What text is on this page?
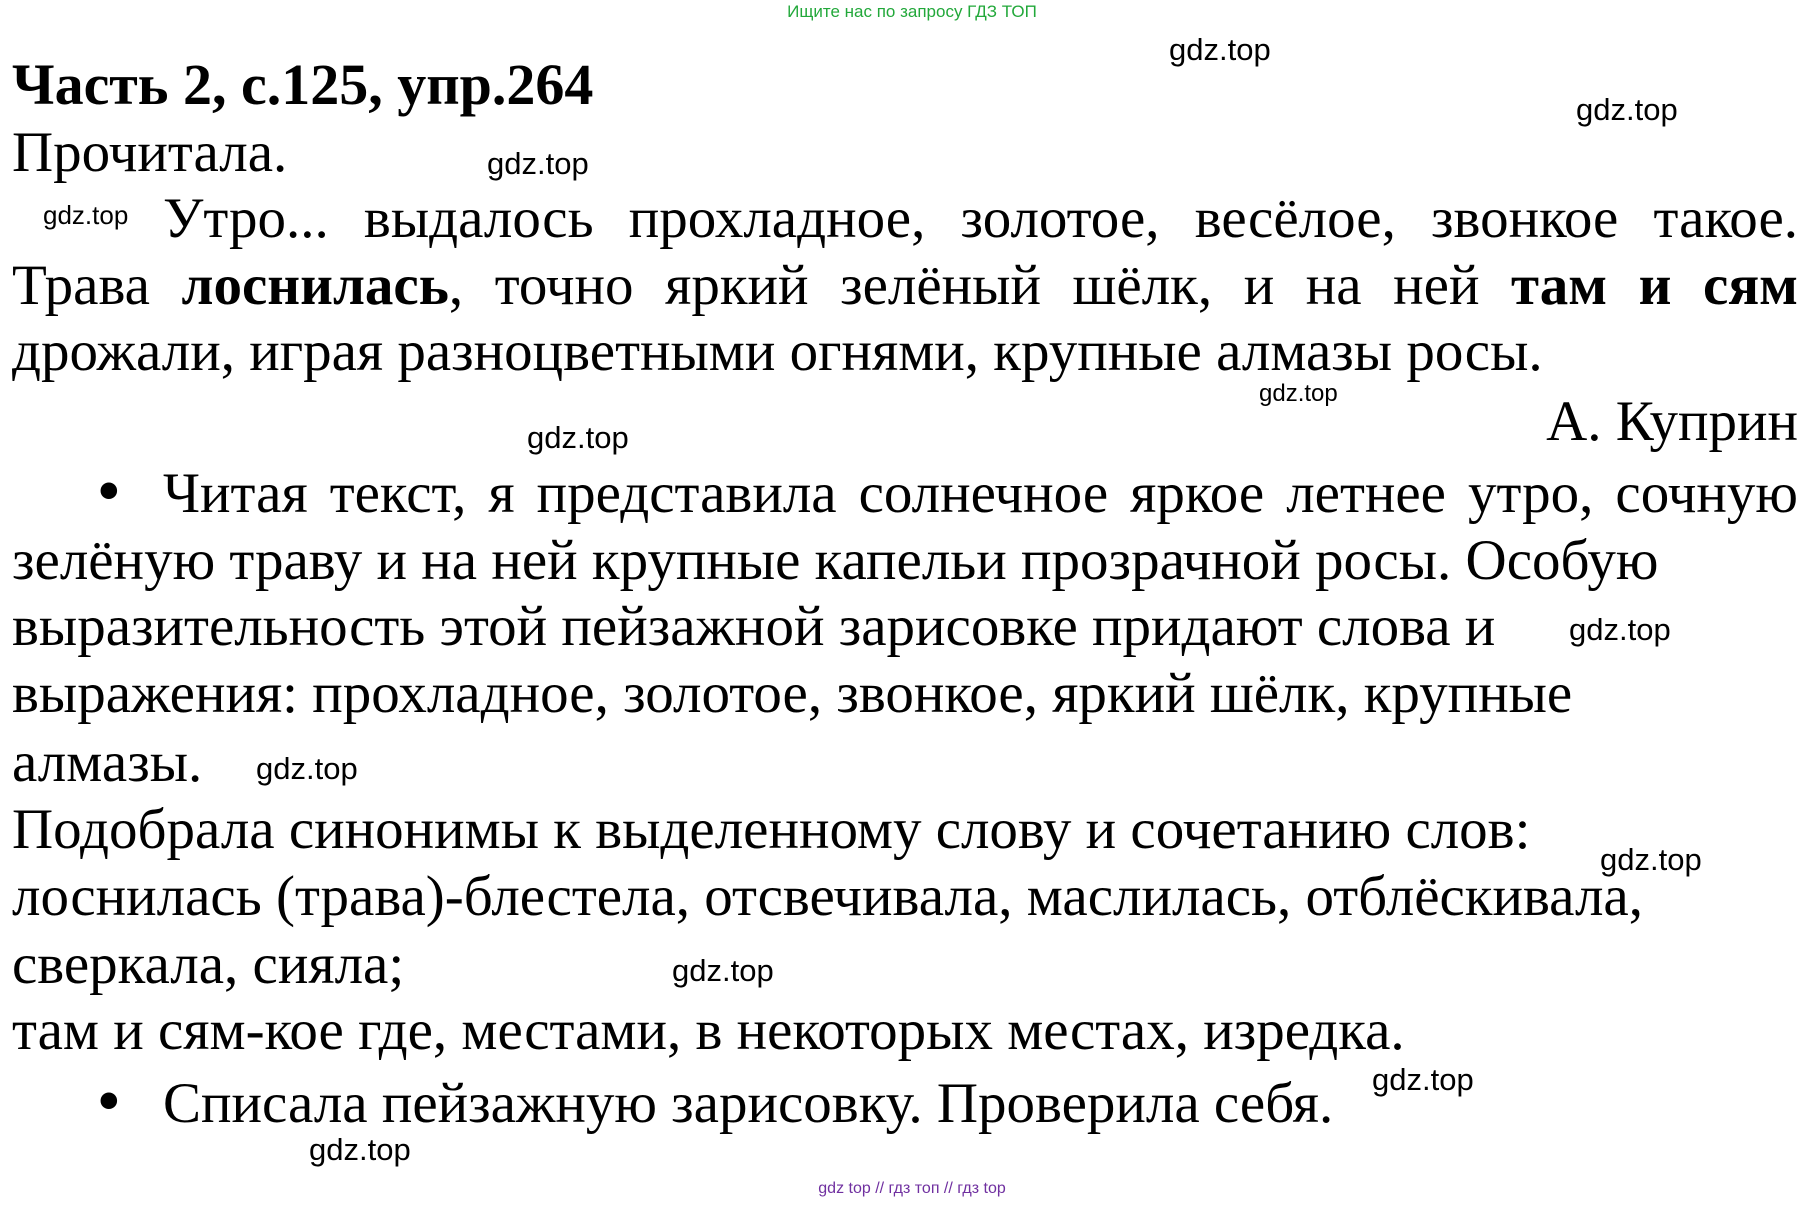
Ищите нас по запросу ГДЗ ТОП
Часть 2, с.125, упр.264
Прочитала.
Утро... выдалось прохладное, золотое, весёлое, звонкое такое.
Трава лоснилась, точно яркий зелёный шёлк, и на ней там и сям
дрожали, играя разноцветными огнями, крупные алмазы росы.
А. Куприн
• Читая текст, я представила солнечное яркое летнее утро, сочную
зелёную траву и на ней крупные капельи прозрачной росы. Особую
выразительность этой пейзажной зарисовке придают слова и
выражения: прохладное, золотое, звонкое, яркий шёлк, крупные
алмазы.
Подобрала синонимы к выделенному слову и сочетанию слов:
лоснилась (трава)-блестела, отсвечивала, маслилась, отблёскивала,
сверкала, сияла;
там и сям-кое где, местами, в некоторых местах, изредка.
• Списала пейзажную зарисовку. Проверила себя.
gdz.top
gdz.top
gdz.top
gdz.top
gdz.top
gdz.top
gdz.top
gdz.top
gdz.top
gdz.top
gdz.top
gdz.top
gdz top // гдз топ // гдз top
